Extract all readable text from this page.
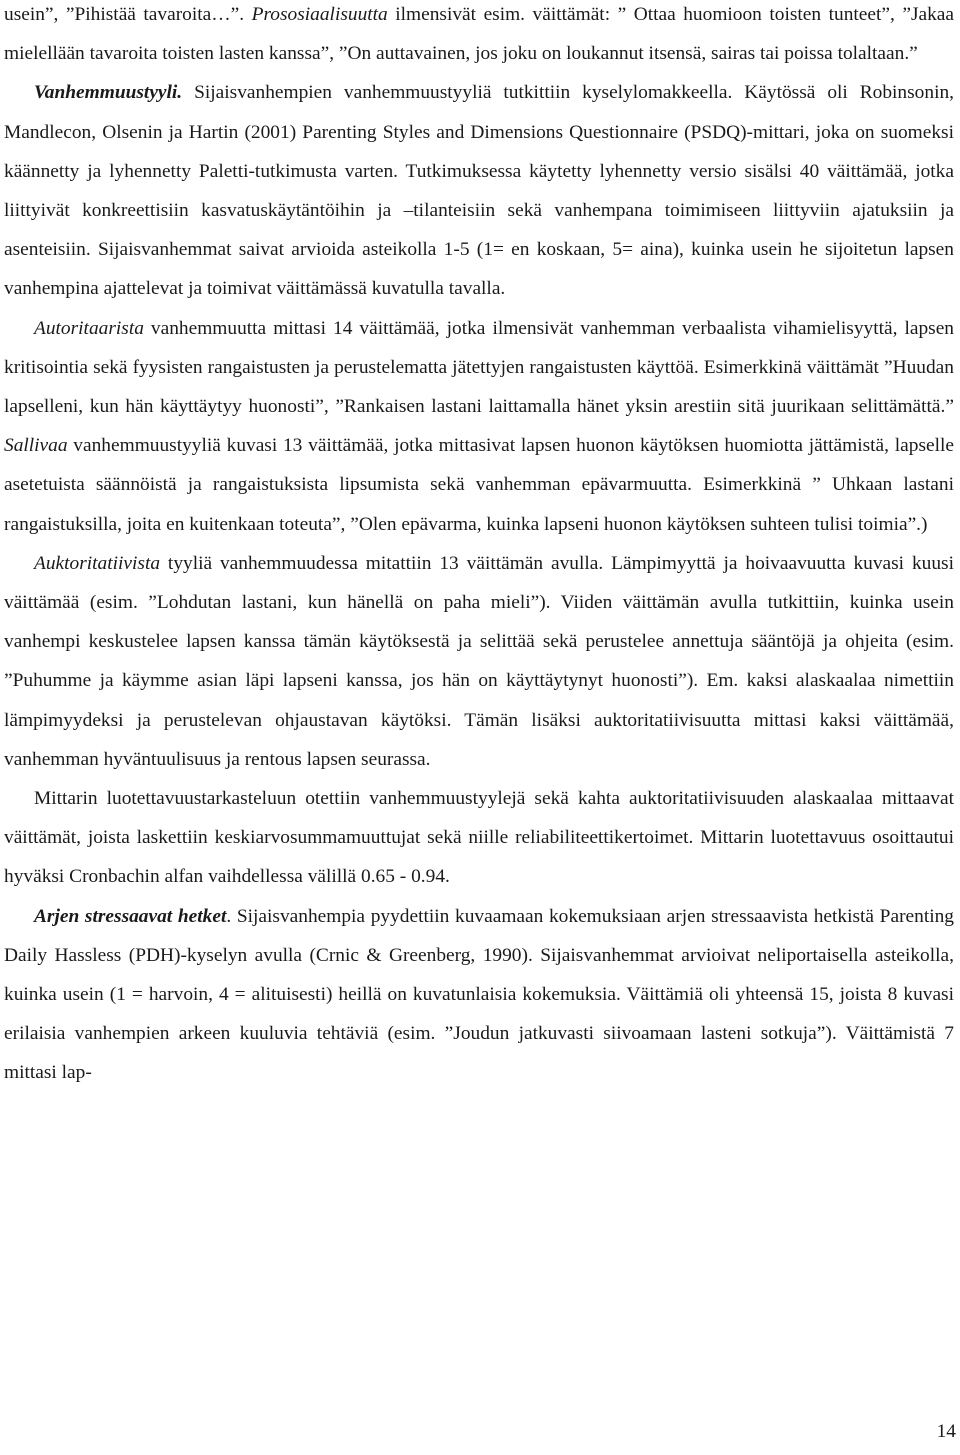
usein”, ”Pihistää tavaroita…”. Prososiaalisuutta ilmensivät esim. väittämät: ” Ottaa huomioon toisten tunteet”, ”Jakaa mielellään tavaroita toisten lasten kanssa”, ”On auttavainen, jos joku on loukannut itsensä, sairas tai poissa tolaltaan.”

Vanhemmuustyyli. Sijaisvanhempien vanhemmuustyyliä tutkittiin kyselylomakkeella. Käytössä oli Robinsonin, Mandlecon, Olsenin ja Hartin (2001) Parenting Styles and Dimensions Questionnaire (PSDQ)-mittari, joka on suomeksi käännetty ja lyhennetty Paletti-tutkimusta varten. Tutkimuksessa käytetty lyhennetty versio sisälsi 40 väittämää, jotka liittyivät konkreettisiin kasvatuskäytäntöihin ja –tilanteisiin sekä vanhempana toimimiseen liittyviin ajatuksiin ja asenteisiin. Sijaisvanhemmat saivat arvioida asteikolla 1-5 (1= en koskaan, 5= aina), kuinka usein he sijoitetun lapsen vanhempina ajattelevat ja toimivat väittämässä kuvatulla tavalla.

Autoritaarista vanhemmuutta mittasi 14 väittämää, jotka ilmensivät vanhemman verbaalista vihamielisyyttä, lapsen kritisointia sekä fyysisten rangaistusten ja perustelematta jätettyjen rangaistusten käyttöä. Esimerkkinä väittämät ”Huudan lapselleni, kun hän käyttäytyy huonosti”, ”Rankaisen lastani laittamalla hänet yksin arestiin sitä juurikaan selittämättä.” Sallivaa vanhemmuustyyliä kuvasi 13 väittämää, jotka mittasivat lapsen huonon käytöksen huomiotta jättämistä, lapselle asetetuista säännöistä ja rangaistuksista lipsumista sekä vanhemman epävarmuutta. Esimerkkinä ” Uhkaan lastani rangaistuksilla, joita en kuitenkaan toteuta”, ”Olen epävarma, kuinka lapseni huonon käytöksen suhteen tulisi toimia”.)

Auktoritatiivista tyyliä vanhemmuudessa mitattiin 13 väittämän avulla. Lämpimyyttä ja hoivaavuutta kuvasi kuusi väittämää (esim. ”Lohdutan lastani, kun hänellä on paha mieli”). Viiden väittämän avulla tutkittiin, kuinka usein vanhempi keskustelee lapsen kanssa tämän käytöksestä ja selittää sekä perustelee annettuja sääntöjä ja ohjeita (esim. ”Puhumme ja käymme asian läpi lapseni kanssa, jos hän on käyttäytynyt huonosti”). Em. kaksi alaskaalaa nimettiin lämpimyydeksi ja perustelevan ohjaustavan käytöksi. Tämän lisäksi auktoritatiivisuutta mittasi kaksi väittämää, vanhemman hyväntuulisuus ja rentous lapsen seurassa.

Mittarin luotettavuustarkasteluun otettiin vanhemmuustyylejä sekä kahta auktoritatiivisuuden alaskaalaa mittaavat väittämät, joista laskettiin keskiarvosummamuuttujat sekä niille reliabiliteettikertoimet. Mittarin luotettavuus osoittautui hyväksi Cronbachin alfan vaihdellessa välillä 0.65 - 0.94.

Arjen stressaavat hetket. Sijaisvanhempia pyydettiin kuvaamaan kokemuksiaan arjen stressaavista hetkistä Parenting Daily Hassless (PDH)-kyselyn avulla (Crnic & Greenberg, 1990). Sijaisvanhemmat arvioivat neliportaisella asteikolla, kuinka usein (1 = harvoin, 4 = alituisesti) heillä on kuvatunlaisia kokemuksia. Väittämiä oli yhteensä 15, joista 8 kuvasi erilaisia vanhempien arkeen kuuluvia tehtäviä (esim. ”Joudun jatkuvasti siivoamaan lasteni sotkuja”). Väittämistä 7 mittasi lap-

14
